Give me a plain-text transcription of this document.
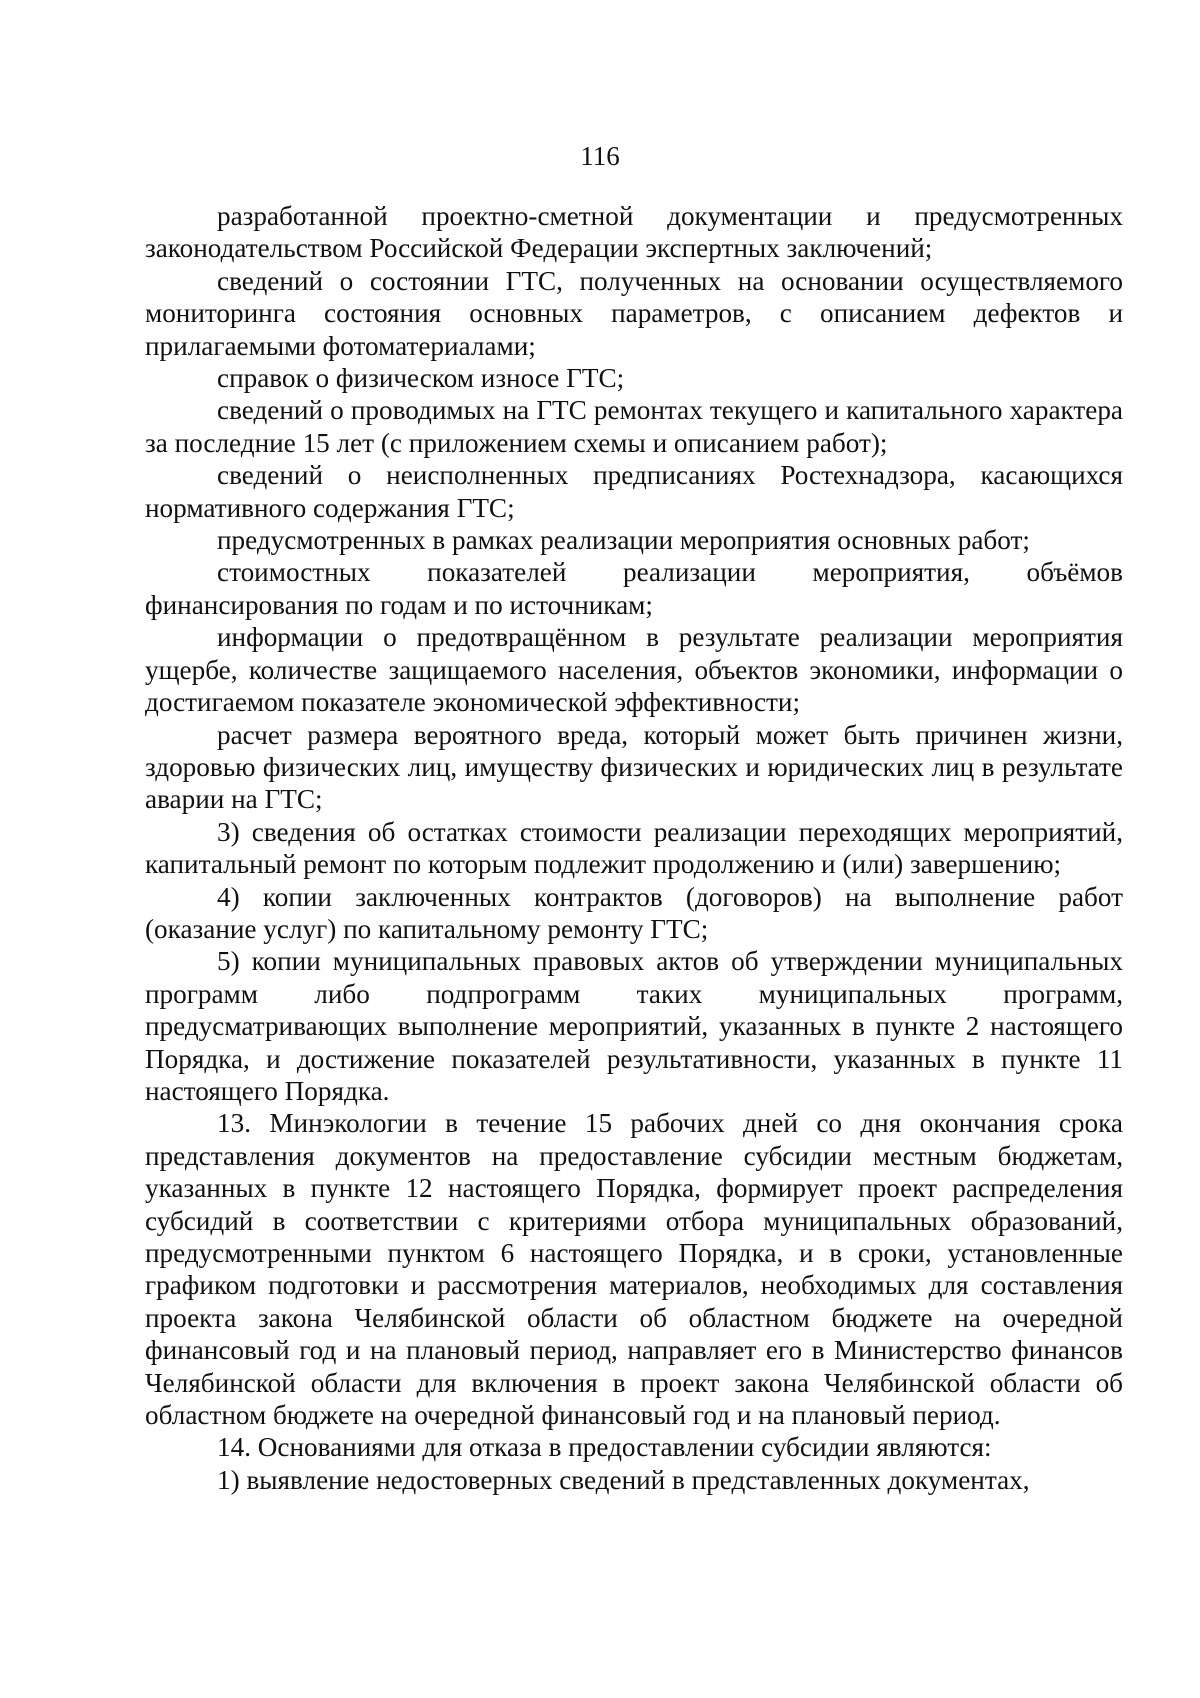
116

разработанной проектно-сметной документации и предусмотренных законодательством Российской Федерации экспертных заключений;

сведений о состоянии ГТС, полученных на основании осуществляемого мониторинга состояния основных параметров, с описанием дефектов и прилагаемыми фотоматериалами;

справок о физическом износе ГТС;

сведений о проводимых на ГТС ремонтах текущего и капитального характера за последние 15 лет (с приложением схемы и описанием работ);

сведений о неисполненных предписаниях Ростехнадзора, касающихся нормативного содержания ГТС;

предусмотренных в рамках реализации мероприятия основных работ;

стоимостных показателей реализации мероприятия, объёмов финансирования по годам и по источникам;

информации о предотвращённом в результате реализации мероприятия ущербе, количестве защищаемого населения, объектов экономики, информации о достигаемом показателе экономической эффективности;

расчет размера вероятного вреда, который может быть причинен жизни, здоровью физических лиц, имуществу физических и юридических лиц в результате аварии на ГТС;

3) сведения об остатках стоимости реализации переходящих мероприятий, капитальный ремонт по которым подлежит продолжению и (или) завершению;

4) копии заключенных контрактов (договоров) на выполнение работ (оказание услуг) по капитальному ремонту ГТС;

5) копии муниципальных правовых актов об утверждении муниципальных программ либо подпрограмм таких муниципальных программ, предусматривающих выполнение мероприятий, указанных в пункте 2 настоящего Порядка, и достижение показателей результативности, указанных в пункте 11 настоящего Порядка.

13. Минэкологии в течение 15 рабочих дней со дня окончания срока представления документов на предоставление субсидии местным бюджетам, указанных в пункте 12 настоящего Порядка, формирует проект распределения субсидий в соответствии с критериями отбора муниципальных образований, предусмотренными пунктом 6 настоящего Порядка, и в сроки, установленные графиком подготовки и рассмотрения материалов, необходимых для составления проекта закона Челябинской области об областном бюджете на очередной финансовый год и на плановый период, направляет его в Министерство финансов Челябинской области для включения в проект закона Челябинской области об областном бюджете на очередной финансовый год и на плановый период.

14. Основаниями для отказа в предоставлении субсидии являются:

1) выявление недостоверных сведений в представленных документах,
